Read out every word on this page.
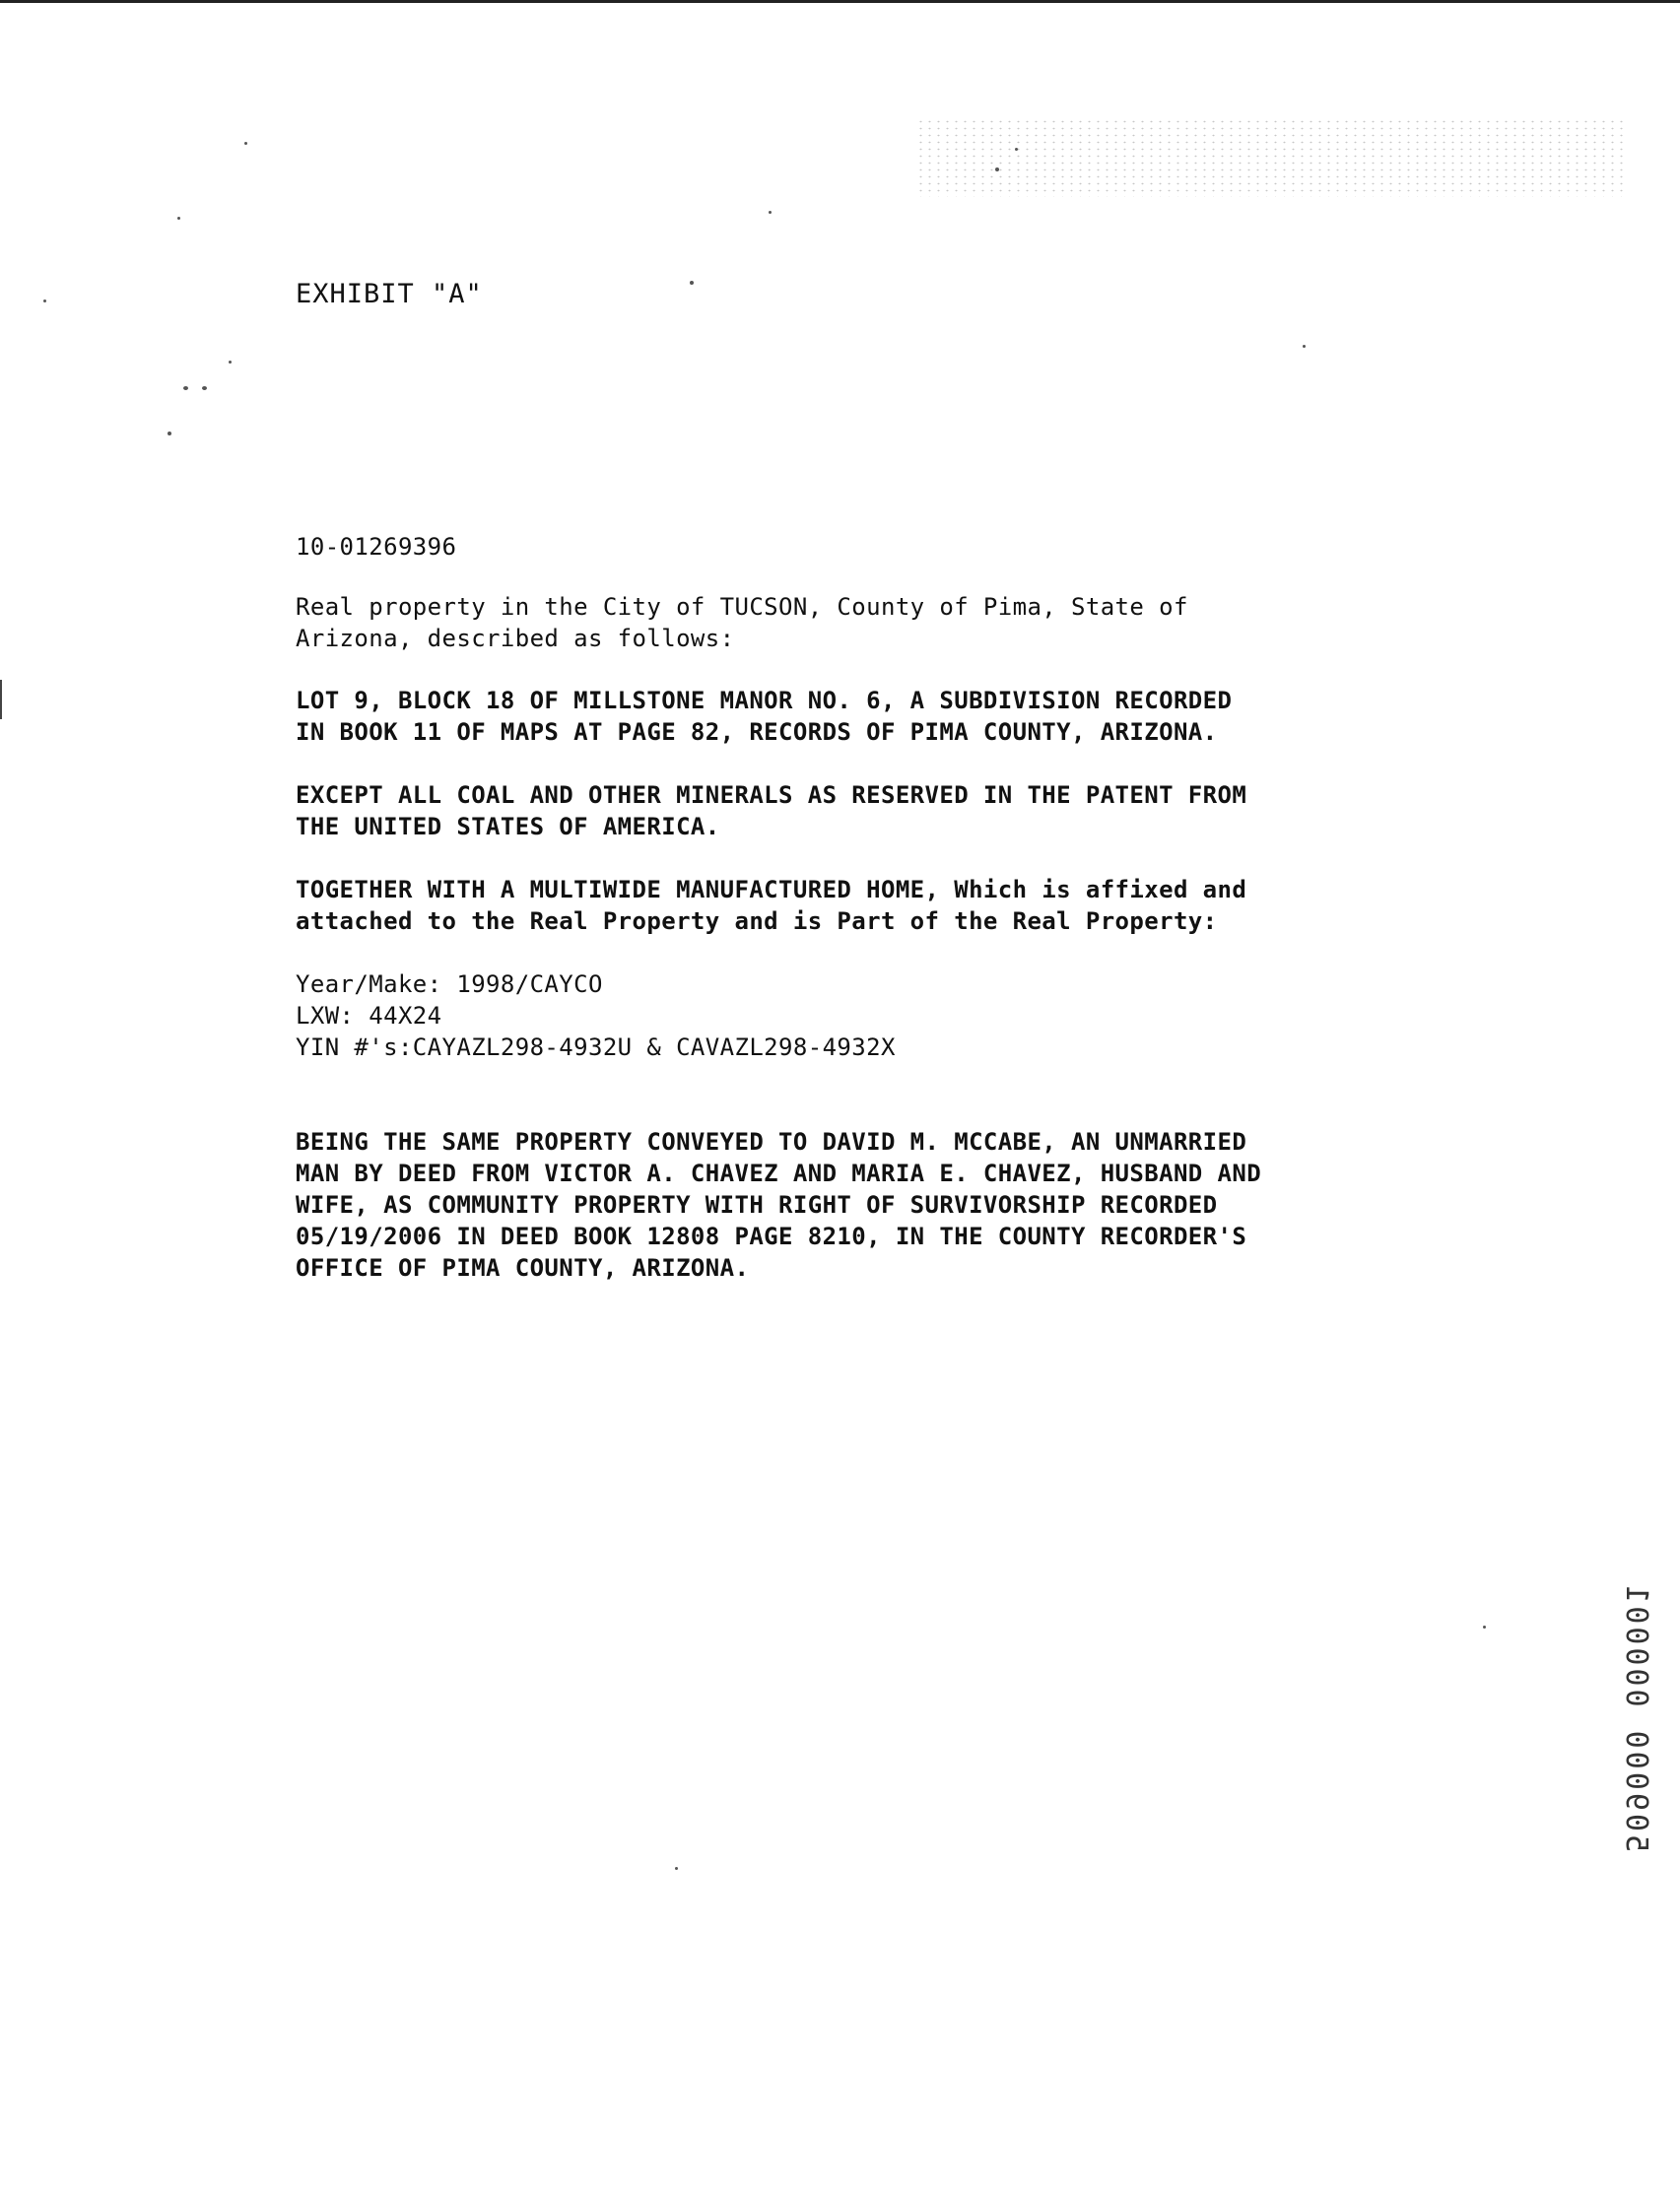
EXHIBIT "A"

10-01269396

Real property in the City of TUCSON, County of Pima, State of
Arizona, described as follows:

LOT 9, BLOCK 18 OF MILLSTONE MANOR NO. 6, A SUBDIVISION RECORDED
IN BOOK 11 OF MAPS AT PAGE 82, RECORDS OF PIMA COUNTY, ARIZONA.

EXCEPT ALL COAL AND OTHER MINERALS AS RESERVED IN THE PATENT FROM
THE UNITED STATES OF AMERICA.

TOGETHER WITH A MULTIWIDE MANUFACTURED HOME, Which is affixed and
attached to the Real Property and is Part of the Real Property:

Year/Make: 1998/CAYCO
LXW: 44X24
YIN #'s:CAYAZL298-4932U & CAVAZL298-4932X

BEING THE SAME PROPERTY CONVEYED TO DAVID M. MCCABE, AN UNMARRIED
MAN BY DEED FROM VICTOR A. CHAVEZ AND MARIA E. CHAVEZ, HUSBAND AND
WIFE, AS COMMUNITY PROPERTY WITH RIGHT OF SURVIVORSHIP RECORDED
05/19/2006 IN DEED BOOK 12808 PAGE 8210, IN THE COUNTY RECORDER'S
OFFICE OF PIMA COUNTY, ARIZONA.

509000 000001
